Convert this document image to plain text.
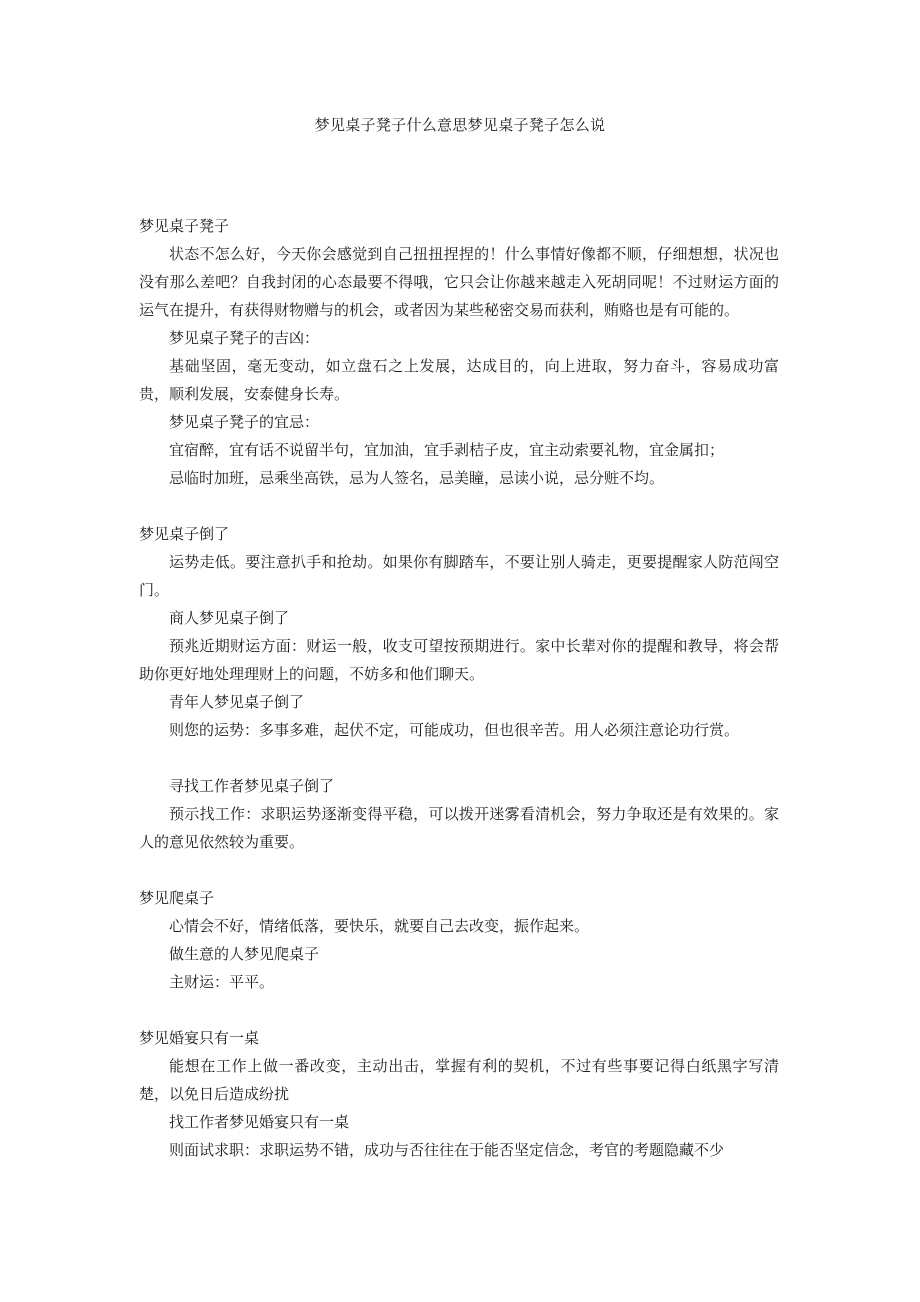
梦见桌子凳子什么意思梦见桌子凳子怎么说

梦见桌子凳子

状态不怎么好，今天你会感觉到自己扭扭捏捏的！什么事情好像都不顺，仔细想想，状况也没有那么差吧？自我封闭的心态最要不得哦，它只会让你越来越走入死胡同呢！不过财运方面的运气在提升，有获得财物赠与的机会，或者因为某些秘密交易而获利，贿赂也是有可能的。

梦见桌子凳子的吉凶：

基础坚固，毫无变动，如立盘石之上发展，达成目的，向上进取，努力奋斗，容易成功富贵，顺利发展，安泰健身长寿。

梦见桌子凳子的宜忌：

宜宿醉，宜有话不说留半句，宜加油，宜手剥桔子皮，宜主动索要礼物，宜金属扣；

忌临时加班，忌乘坐高铁，忌为人签名，忌美瞳，忌读小说，忌分赃不均。

梦见桌子倒了

运势走低。要注意扒手和抢劫。如果你有脚踏车，不要让别人骑走，更要提醒家人防范闯空门。

商人梦见桌子倒了

预兆近期财运方面：财运一般，收支可望按预期进行。家中长辈对你的提醒和教导，将会帮助你更好地处理理财上的问题，不妨多和他们聊天。

青年人梦见桌子倒了

则您的运势：多事多难，起伏不定，可能成功，但也很辛苦。用人必须注意论功行赏。

寻找工作者梦见桌子倒了

预示找工作：求职运势逐渐变得平稳，可以拨开迷雾看清机会，努力争取还是有效果的。家人的意见依然较为重要。

梦见爬桌子

心情会不好，情绪低落，要快乐，就要自己去改变，振作起来。

做生意的人梦见爬桌子

主财运：平平。

梦见婚宴只有一桌

能想在工作上做一番改变，主动出击，掌握有利的契机，不过有些事要记得白纸黑字写清楚，以免日后造成纷扰

找工作者梦见婚宴只有一桌

则面试求职：求职运势不错，成功与否往往在于能否坚定信念，考官的考题隐藏不少
